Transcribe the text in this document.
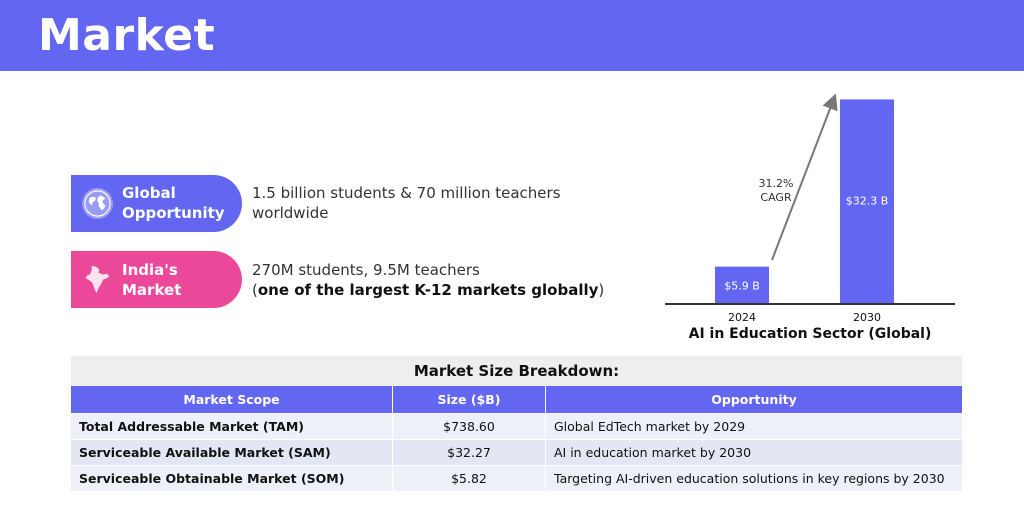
Market
Global
Opportunity
1.5 billion students & 70 million teachers
worldwide
India's
Market
270M students, 9.5M teachers
(one of the largest K-12 markets globally)	$5.9 B
$32.3 B
31.2%
CAGR
2024	2030
AI in Education Sector (Global)
Market Size Breakdown:
Market Scope	Size ($B)	Opportunity
Total Addressable Market (TAM)	$738.60	Global EdTech market by 2029
Serviceable Available Market (SAM)	$32.27	AI in education market by 2030
Serviceable Obtainable Market (SOM)	$5.82	Targeting AI-driven education solutions in key regions by 2030
